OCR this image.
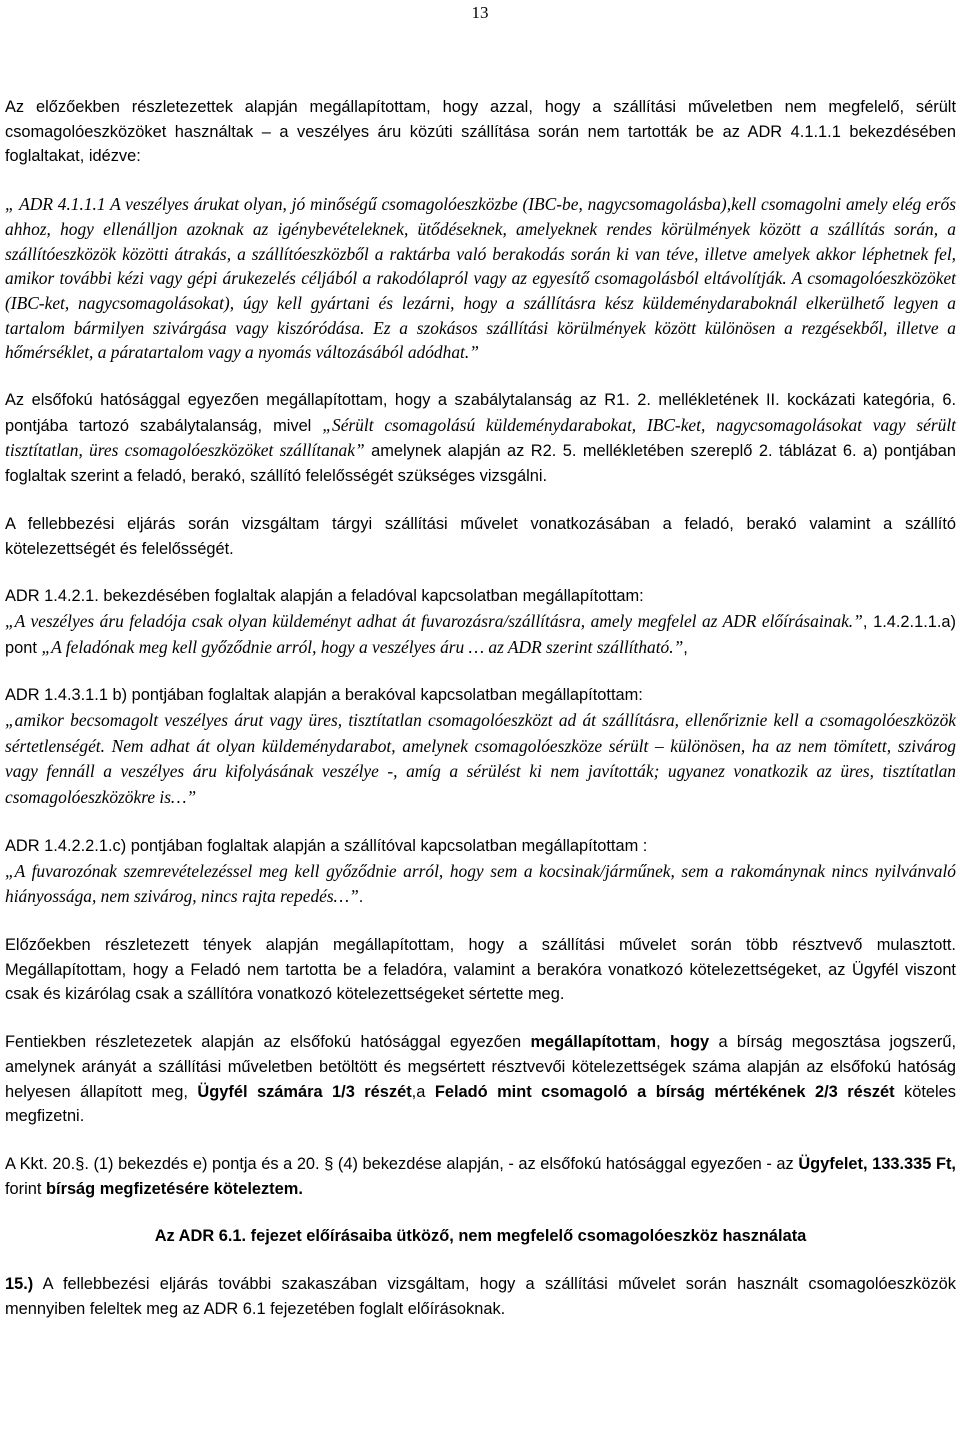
13

Az előzőekben részletezettek alapján megállapítottam, hogy azzal, hogy a szállítási műveletben nem megfelelő, sérült csomagolóeszközöket használtak – a veszélyes áru közúti szállítása során nem tartották be az ADR 4.1.1.1 bekezdésében foglaltakat, idézve:

„ ADR 4.1.1.1 A veszélyes árukat olyan, jó minőségű csomagolóeszközbe (IBC-be, nagycsomagolásba),kell csomagolni amely elég erős ahhoz, hogy ellenálljon azoknak az igénybevételeknek, ütődéseknek, amelyeknek rendes körülmények között a szállítás során, a szállítóeszközök közötti átrakás, a szállítóeszközből a raktárba való berakodás során ki van téve, illetve amelyek akkor léphetnek fel, amikor további kézi vagy gépi árukezelés céljából a rakodólapról vagy az egyesítő csomagolásból eltávolítják. A csomagolóeszközöket (IBC-ket, nagycsomagolásokat), úgy kell gyártani és lezárni, hogy a szállításra kész küldeménydaraboknál elkerülhető legyen a tartalom bármilyen szivárgása vagy kiszóródása. Ez a szokásos szállítási körülmények között különösen a rezgésekből, illetve a hőmérséklet, a páratartalom vagy a nyomás változásából adódhat.”

Az elsőfokú hatósággal egyezően megállapítottam, hogy a szabálytalanság az R1. 2. mellékletének II. kockázati kategória, 6. pontjába tartozó szabálytalanság, mivel „Sérült csomagolású küldeménydarabokat, IBC-ket, nagycsomagolásokat vagy sérült tisztítatlan, üres csomagolóeszközöket szállítanak” amelynek alapján az R2. 5. mellékletében szereplő 2. táblázat 6. a) pontjában foglaltak szerint a feladó, berakó, szállító felelősségét szükséges vizsgálni.

A fellebbezési eljárás során vizsgáltam tárgyi szállítási művelet vonatkozásában a feladó, berakó valamint a szállító kötelezettségét és felelősségét.

ADR 1.4.2.1. bekezdésében foglaltak alapján a feladóval kapcsolatban megállapítottam:
„A veszélyes áru feladója csak olyan küldeményt adhat át fuvarozásra/szállításra, amely megfelel az ADR előírásainak.”, 1.4.2.1.1.a) pont „A feladónak meg kell győződnie arról, hogy a veszélyes áru … az ADR szerint szállítható.”,

ADR 1.4.3.1.1 b) pontjában foglaltak alapján a berakóval kapcsolatban megállapítottam:
„amikor becsomagolt veszélyes árut vagy üres, tisztítatlan csomagolóeszközt ad át szállításra, ellenőriznie kell a csomagolóeszközök sértetlenségét. Nem adhat át olyan küldeménydarabot, amelynek csomagolóeszköze sérült – különösen, ha az nem tömített, szivárog vagy fennáll a veszélyes áru kifolyásának veszélye -, amíg a sérülést ki nem javították; ugyanez vonatkozik az üres, tisztítatlan csomagolóeszközökre is…”

ADR 1.4.2.2.1.c) pontjában foglaltak alapján a szállítóval kapcsolatban megállapítottam :
„A fuvarozónak szemrevételezéssel meg kell győződnie arról, hogy sem a kocsinak/járműnek, sem a rakománynak nincs nyilvánvaló hiányossága, nem szivárog, nincs rajta repedés…”.

Előzőekben részletezett tények alapján megállapítottam, hogy a szállítási művelet során több résztvevő mulasztott. Megállapítottam, hogy a Feladó nem tartotta be a feladóra, valamint a berakóra vonatkozó kötelezettségeket, az Ügyfél viszont csak és kizárólag csak a szállítóra vonatkozó kötelezettségeket sértette meg.

Fentiekben részletezetek alapján az elsőfokú hatósággal egyezően megállapítottam, hogy a bírság megosztása jogszerű, amelynek arányát a szállítási műveletben betöltött és megsértett résztvevői kötelezettségek száma alapján az elsőfokú hatóság helyesen állapított meg, Ügyfél számára 1/3 részét,a Feladó mint csomagoló a bírság mértékének 2/3 részét köteles megfizetni.

A Kkt. 20.§. (1) bekezdés e) pontja és a 20. § (4) bekezdése alapján, - az elsőfokú hatósággal egyezően - az Ügyfelet, 133.335 Ft, forint bírság megfizetésére köteleztem.

Az ADR 6.1. fejezet előírásaiba ütköző, nem megfelelő csomagolóeszköz használata

15.) A fellebbezési eljárás további szakaszában vizsgáltam, hogy a szállítási művelet során használt csomagolóeszközök mennyiben feleltek meg az ADR 6.1 fejezetében foglalt előírásoknak.
